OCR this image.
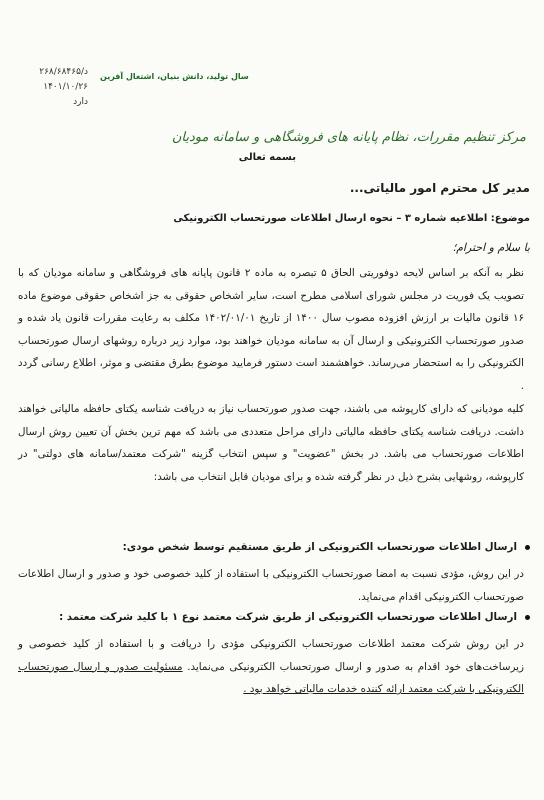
د/۲۶۸/۶۸۴۶۵
۱۴۰۱/۱۰/۲۶
دارد
سال تولید، دانش بنیان، اشتغال آفرین
مرکز تنظیم مقررات، نظام پایانه های فروشگاهی و سامانه مودیان
بسمه تعالی
مدیر کل محترم امور مالیاتی...
موضوع: اطلاعیه شماره ۳ – نحوه ارسال اطلاعات صورتحساب الکترونیکی
با سلام و احترام؛
نظر به آنکه بر اساس لایحه دوفوریتی الحاق ۵ تبصره به ماده ۲ قانون پایانه های فروشگاهی و سامانه مودیان که با تصویب یک فوریت در مجلس شورای اسلامی مطرح است، سایر اشخاص حقوقی به جز اشخاص حقوقی موضوع ماده ۱۶ قانون مالیات بر ارزش افزوده مصوب سال ۱۴۰۰ از تاریخ ۱۴۰۲/۰۱/۰۱ مکلف به رعایت مقررات قانون یاد شده و صدور صورتحساب الکترونیکی و ارسال آن به سامانه مودیان خواهند بود، موارد زیر درباره روشهای ارسال صورتحساب الکترونیکی را به استحضار می‌رساند. خواهشمند است دستور فرمایید موضوع بطرق مقتضی و موثر، اطلاع رسانی گردد .
کلیه مودیانی که دارای کارپوشه می باشند، جهت صدور صورتحساب نیاز به دریافت شناسه یکتای حافظه مالیاتی خواهند داشت. دریافت شناسه یکتای حافظه مالیاتی دارای مراحل متعددی می باشد که مهم ترین بخش آن تعیین روش ارسال اطلاعات صورتحساب می باشد. در بخش "عضویت" و سپس انتخاب گزینه "شرکت معتمد/سامانه های دولتی" در کارپوشه، روشهایی بشرح ذیل در نظر گرفته شده و برای مودیان قابل انتخاب می باشد:
ارسال اطلاعات صورتحساب الکترونیکی از طریق مستقیم توسط شخص مودی:
در این روش، مؤدی نسبت به امضا صورتحساب الکترونیکی با استفاده از کلید خصوصی خود و صدور و ارسال اطلاعات صورتحساب الکترونیکی اقدام می‌نماید.
ارسال اطلاعات صورتحساب الکترونیکی از طریق شرکت معتمد نوع ۱ با کلید شرکت معتمد :
در این روش شرکت معتمد اطلاعات صورتحساب الکترونیکی مؤدی را دریافت و با استفاده از کلید خصوصی و زیرساخت‌های خود اقدام به صدور و ارسال صورتحساب الکترونیکی می‌نماید. مسئولیت صدور و ارسال صورتحساب الکترونیکی با شرکت معتمد ارائه کننده خدمات مالیاتی خواهد بود .
